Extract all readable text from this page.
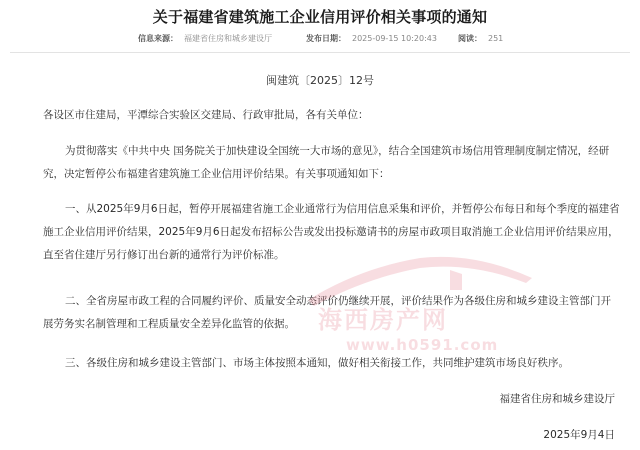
关于福建省建筑施工企业信用评价相关事项的通知
信息来源： 福建省住房和城乡建设厅	发布日期： 2025-09-15 10:20:43	阅读： 251
闽建筑〔2025〕12号

各设区市住建局，平潭综合实验区交建局、行政审批局，各有关单位：

为贯彻落实《中共中央 国务院关于加快建设全国统一大市场的意见》，结合全国建筑市场信用管理制度制定情况，经研究，决定暂停公布福建省建筑施工企业信用评价结果。有关事项通知如下：

一、从2025年9月6日起，暂停开展福建省施工企业通常行为信用信息采集和评价，并暂停公布每日和每个季度的福建省施工企业信用评价结果，2025年9月6日起发布招标公告或发出投标邀请书的房屋市政项目取消施工企业信用评价结果应用，直至省住建厅另行修订出台新的通常行为评价标准。

二、全省房屋市政工程的合同履约评价、质量安全动态评价仍继续开展，评价结果作为各级住房和城乡建设主管部门开展劳务实名制管理和工程质量安全差异化监管的依据。

三、各级住房和城乡建设主管部门、市场主体按照本通知，做好相关衔接工作，共同维护建筑市场良好秩序。

福建省住房和城乡建设厅
2025年9月4日
海西房产网
www.h0591.com
